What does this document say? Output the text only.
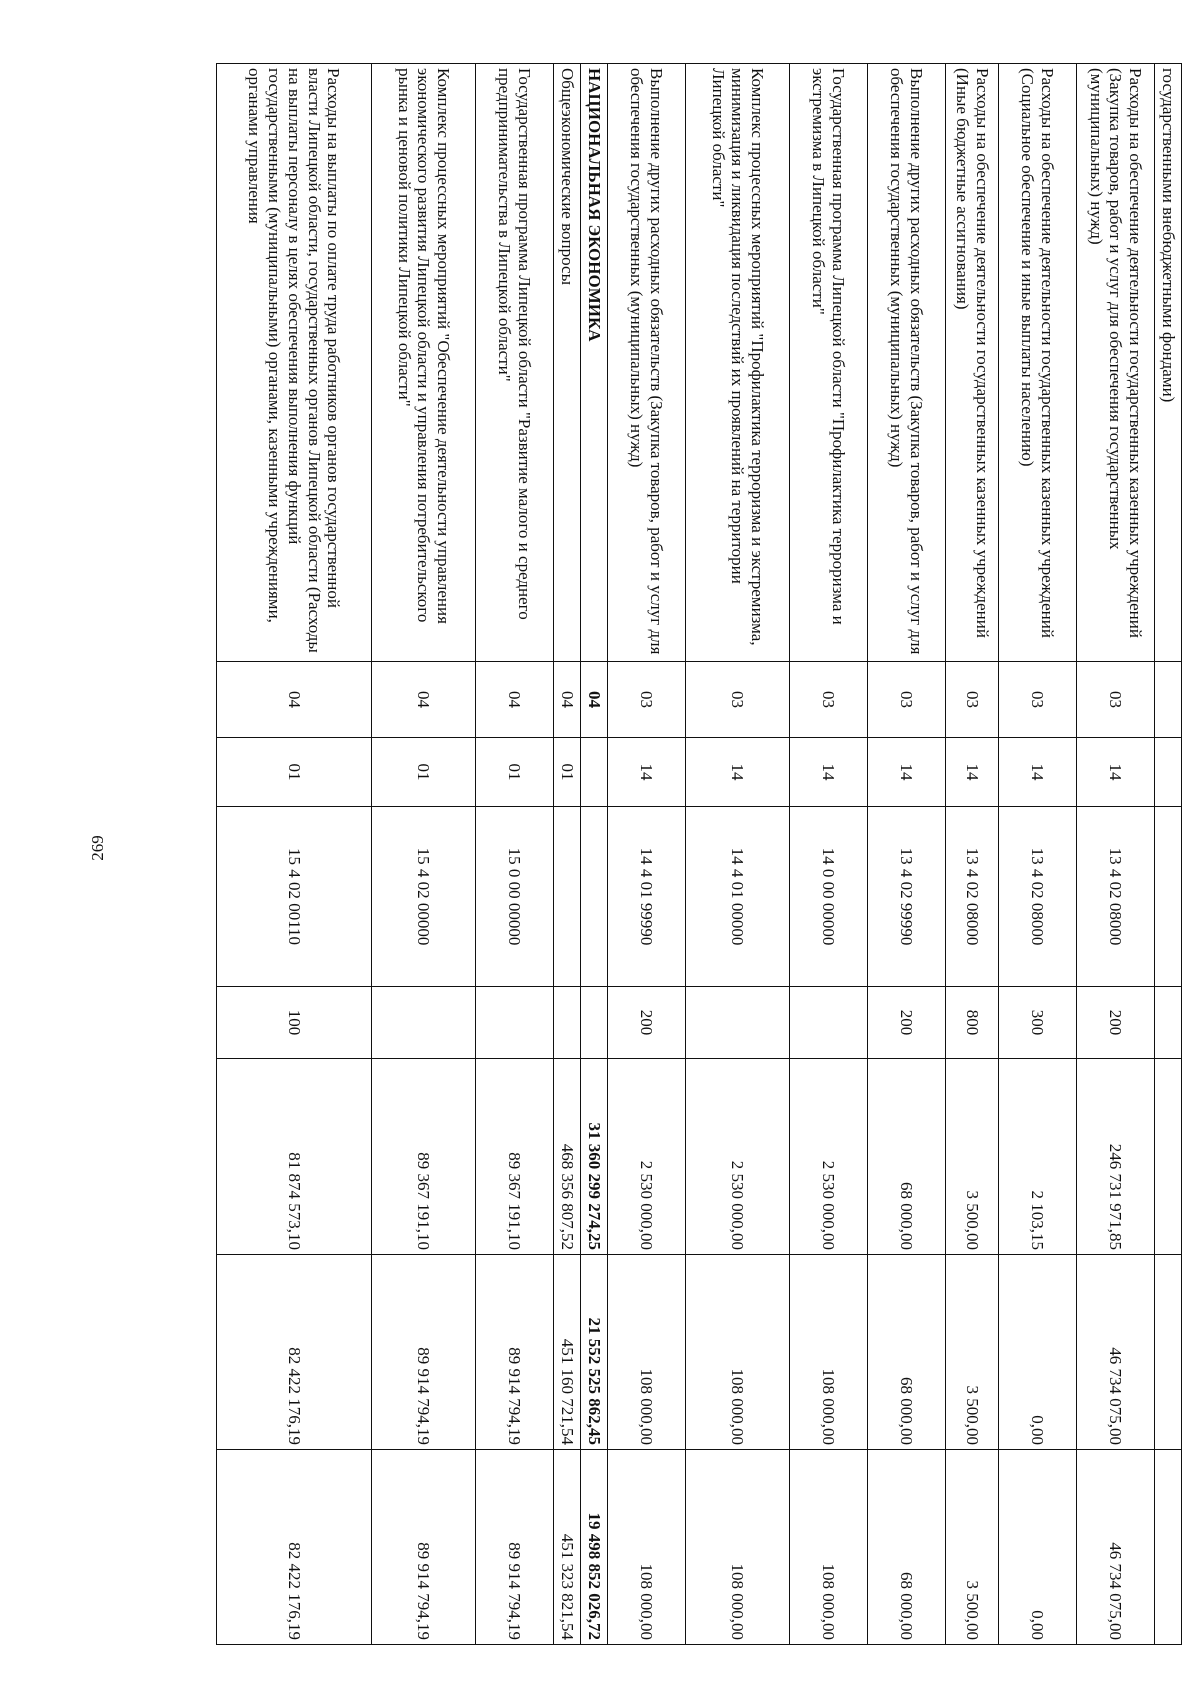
269
государственными внебюджетными фондами)							
Расходы на обеспечение деятельности государственных казенных учреждений (Закупка товаров, работ и услуг для обеспечения государственных (муниципальных) нужд)	03	14	13 4 02 08000	200	246 731 971,85	46 734 075,00	46 734 075,00
Расходы на обеспечение деятельности государственных казенных учреждений (Социальное обеспечение и иные выплаты населению)	03	14	13 4 02 08000	300	2 103,15	0,00	0,00
Расходы на обеспечение деятельности государственных казенных учреждений (Иные бюджетные ассигнования)	03	14	13 4 02 08000	800	3 500,00	3 500,00	3 500,00
Выполнение других расходных обязательств (Закупка товаров, работ и услуг для обеспечения государственных (муниципальных) нужд)	03	14	13 4 02 99990	200	68 000,00	68 000,00	68 000,00
Государственная программа Липецкой области "Профилактика терроризма и экстремизма в Липецкой области"	03	14	14 0 00 00000		2 530 000,00	108 000,00	108 000,00
Комплекс процессных мероприятий "Профилактика терроризма и экстремизма, минимизация и ликвидация последствий их проявлений на территории Липецкой области"	03	14	14 4 01 00000		2 530 000,00	108 000,00	108 000,00
Выполнение других расходных обязательств (Закупка товаров, работ и услуг для обеспечения государственных (муниципальных) нужд)	03	14	14 4 01 99990	200	2 530 000,00	108 000,00	108 000,00
НАЦИОНАЛЬНАЯ ЭКОНОМИКА	04				31 360 299 274,25	21 552 525 862,45	19 498 852 026,72
Общеэкономические вопросы	04	01			468 356 807,52	451 160 721,54	451 323 821,54
Государственная программа Липецкой области "Развитие малого и среднего предпринимательства в Липецкой области"	04	01	15 0 00 00000		89 367 191,10	89 914 794,19	89 914 794,19
Комплекс процессных мероприятий "Обеспечение деятельности управления экономического развития Липецкой области и управления потребительского рынка и ценовой политики Липецкой области"	04	01	15 4 02 00000		89 367 191,10	89 914 794,19	89 914 794,19
Расходы на выплаты по оплате труда работников органов государственной власти Липецкой области, государственных органов Липецкой области (Расходы на выплаты персоналу в целях обеспечения выполнения функций государственными (муниципальными) органами, казенными учреждениями, органами управления	04	01	15 4 02 00110	100	81 874 573,10	82 422 176,19	82 422 176,19
